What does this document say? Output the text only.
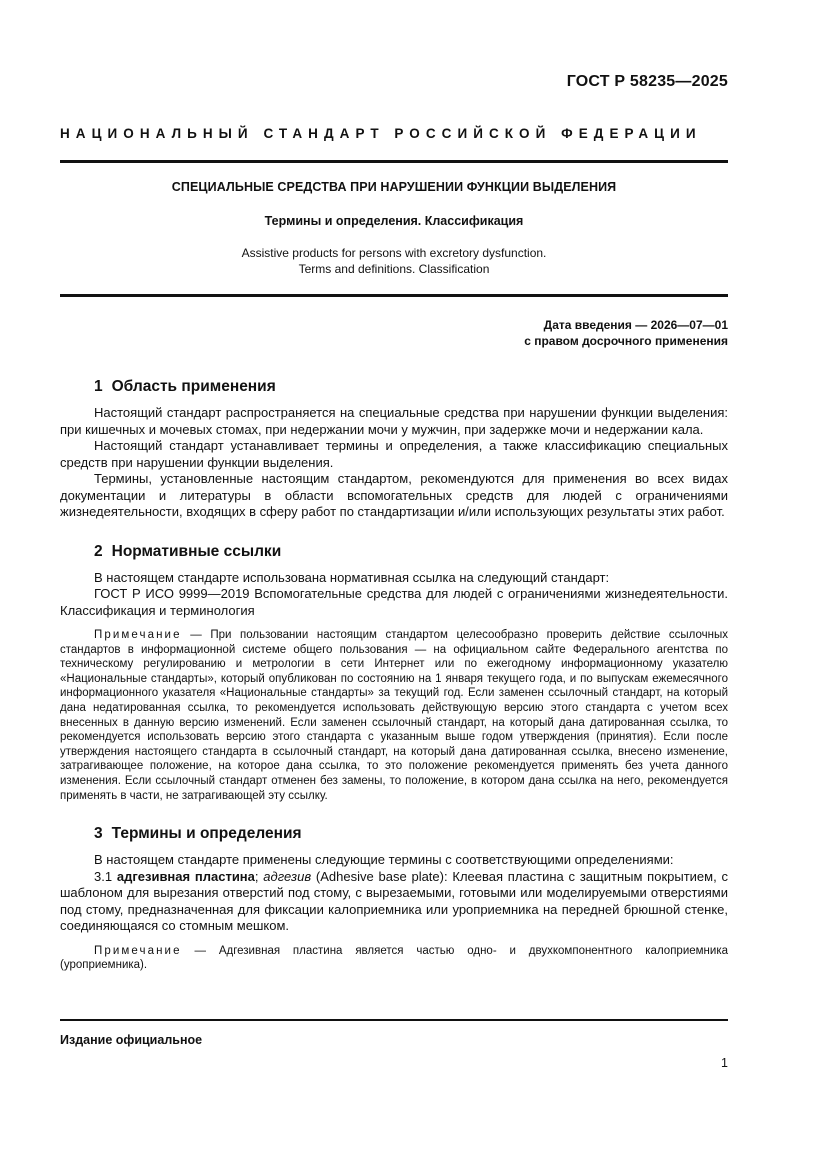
ГОСТ Р 58235—2025
НАЦИОНАЛЬНЫЙ СТАНДАРТ РОССИЙСКОЙ ФЕДЕРАЦИИ
СПЕЦИАЛЬНЫЕ СРЕДСТВА ПРИ НАРУШЕНИИ ФУНКЦИИ ВЫДЕЛЕНИЯ
Термины и определения. Классификация
Assistive products for persons with excretory dysfunction.
Terms and definitions. Classification
Дата введения — 2026—07—01
с правом досрочного применения
1 Область применения

Настоящий стандарт распространяется на специальные средства при нарушении функции выделения: при кишечных и мочевых стомах, при недержании мочи у мужчин, при задержке мочи и недержании кала.

Настоящий стандарт устанавливает термины и определения, а также классификацию специальных средств при нарушении функции выделения.

Термины, установленные настоящим стандартом, рекомендуются для применения во всех видах документации и литературы в области вспомогательных средств для людей с ограничениями жизнедеятельности, входящих в сферу работ по стандартизации и/или использующих результаты этих работ.

2 Нормативные ссылки

В настоящем стандарте использована нормативная ссылка на следующий стандарт:

ГОСТ Р ИСО 9999—2019 Вспомогательные средства для людей с ограничениями жизнедеятельности. Классификация и терминология

Примечание — При пользовании настоящим стандартом целесообразно проверить действие ссылочных стандартов в информационной системе общего пользования — на официальном сайте Федерального агентства по техническому регулированию и метрологии в сети Интернет или по ежегодному информационному указателю «Национальные стандарты», который опубликован по состоянию на 1 января текущего года, и по выпускам ежемесячного информационного указателя «Национальные стандарты» за текущий год. Если заменен ссылочный стандарт, на который дана недатированная ссылка, то рекомендуется использовать действующую версию этого стандарта с учетом всех внесенных в данную версию изменений. Если заменен ссылочный стандарт, на который дана датированная ссылка, то рекомендуется использовать версию этого стандарта с указанным выше годом утверждения (принятия). Если после утверждения настоящего стандарта в ссылочный стандарт, на который дана датированная ссылка, внесено изменение, затрагивающее положение, на которое дана ссылка, то это положение рекомендуется применять без учета данного изменения. Если ссылочный стандарт отменен без замены, то положение, в котором дана ссылка на него, рекомендуется применять в части, не затрагивающей эту ссылку.
3 Термины и определения

В настоящем стандарте применены следующие термины с соответствующими определениями:

3.1 адгезивная пластина; адгезив (Adhesive base plate): Клеевая пластина с защитным покрытием, с шаблоном для вырезания отверстий под стому, с вырезаемыми, готовыми или моделируемыми отверстиями под стому, предназначенная для фиксации калоприемника или уроприемника на передней брюшной стенке, соединяющаяся со стомным мешком.

Примечание — Адгезивная пластина является частью одно- и двухкомпонентного калоприемника (уроприемника).
Издание официальное
1
